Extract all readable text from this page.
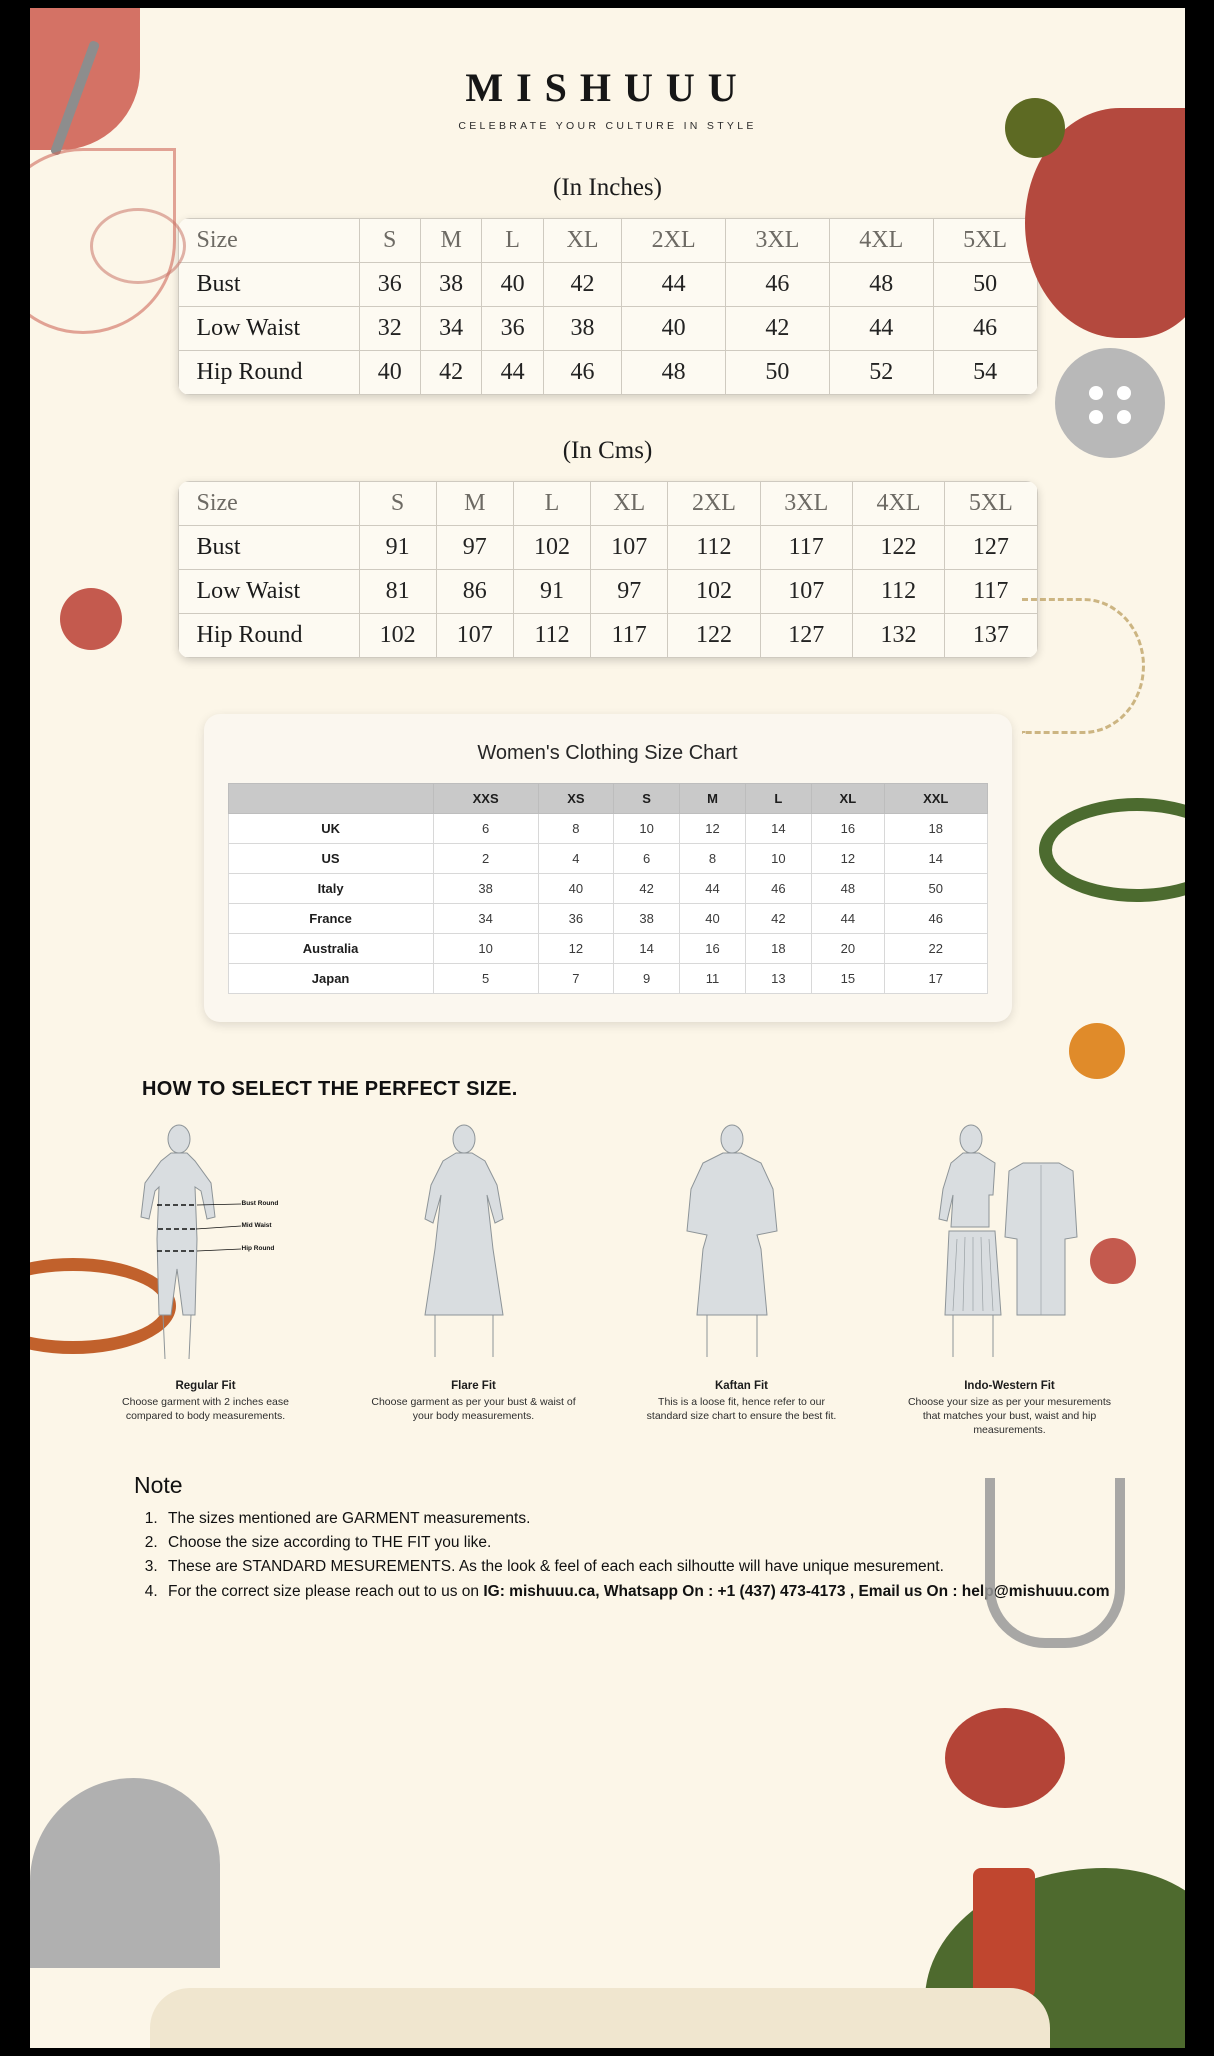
MISHUUU
CELEBRATE YOUR CULTURE IN STYLE
(In Inches)
Size	S	M	L	XL	2XL	3XL	4XL	5XL
Bust	36	38	40	42	44	46	48	50
Low Waist	32	34	36	38	40	42	44	46
Hip Round	40	42	44	46	48	50	52	54
(In Cms)
Size	S	M	L	XL	2XL	3XL	4XL	5XL
Bust	91	97	102	107	112	117	122	127
Low Waist	81	86	91	97	102	107	112	117
Hip Round	102	107	112	117	122	127	132	137
Women's Clothing Size Chart
	XXS	XS	S	M	L	XL	XXL
UK	6	8	10	12	14	16	18
US	2	4	6	8	10	12	14
Italy	38	40	42	44	46	48	50
France	34	36	38	40	42	44	46
Australia	10	12	14	16	18	20	22
Japan	5	7	9	11	13	15	17
HOW TO SELECT THE PERFECT SIZE.
Bust Round
Mid Waist
Hip Round
Regular Fit
Choose garment with 2 inches ease compared to body measurements.
Flare Fit
Choose garment as per your bust & waist of your body measurements.
Kaftan Fit
This is a loose fit, hence refer to our standard size chart to ensure the best fit.
Indo-Western Fit
Choose your size as per your mesurements that matches your bust, waist and hip measurements.
Note
1. The sizes mentioned are GARMENT measurements.
2. Choose the size according to THE FIT you like.
3. These are STANDARD MESUREMENTS. As the look & feel of each each silhoutte will have unique mesurement.
4. For the correct size please reach out to us on IG: mishuuu.ca, Whatsapp On : +1 (437) 473-4173 , Email us On : help@mishuuu.com
